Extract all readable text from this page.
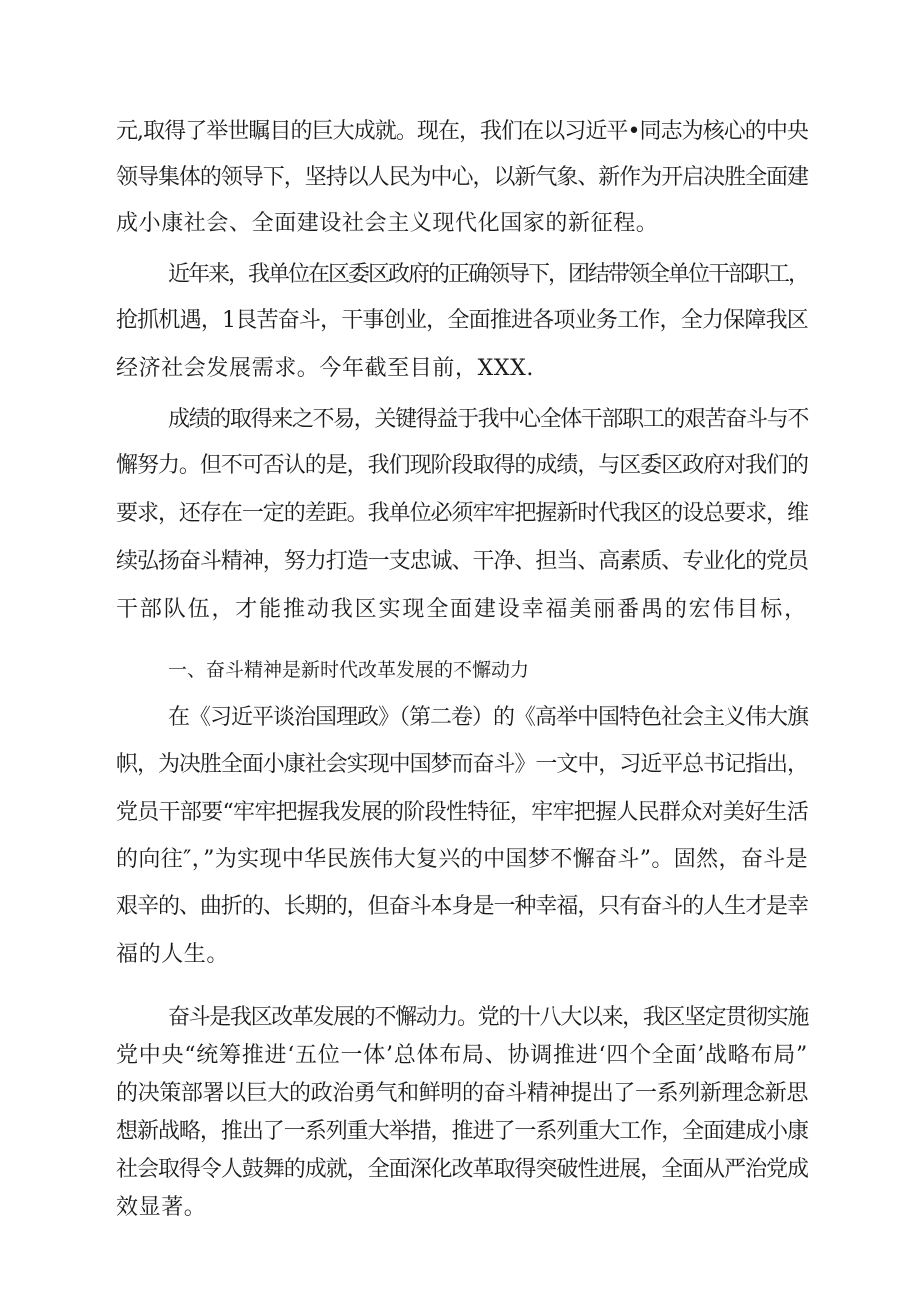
元,取得了举世瞩目的巨大成就。现在，我们在以习近平•同志为核心的中央
领导集体的领导下，坚持以人民为中心，以新气象、新作为开启决胜全面建
成小康社会、全面建设社会主义现代化国家的新征程。
近年来，我单位在区委区政府的正确领导下，团结带领全单位干部职工，
抢抓机遇，1艮苦奋斗，干事创业，全面推进各项业务工作，全力保障我区
经济社会发展需求。今年截至目前，XXX.
成绩的取得来之不易，关键得益于我中心全体干部职工的艰苦奋斗与不
懈努力。但不可否认的是，我们现阶段取得的成绩，与区委区政府对我们的
要求，还存在一定的差距。我单位必须牢牢把握新时代我区的设总要求，维
续弘扬奋斗精神，努力打造一支忠诚、干净、担当、高素质、专业化的党员
干部队伍，才能推动我区实现全面建设幸福美丽番禺的宏伟目标，
一、奋斗精神是新时代改革发展的不懈动力
在《习近平谈治国理政》（第二卷）的《高举中国特色社会主义伟大旗
帜，为决胜全面小康社会实现中国梦而奋斗》一文中，习近平总书记指出，
党员干部要“牢牢把握我发展的阶段性特征，牢牢把握人民群众对美好生活
的向往″，”为实现中华民族伟大复兴的中国梦不懈奋斗”。固然，奋斗是
艰辛的、曲折的、长期的，但奋斗本身是一种幸福，只有奋斗的人生才是幸
福的人生。
奋斗是我区改革发展的不懈动力。党的十八大以来，我区坚定贯彻实施
党中央“统筹推进‘五位一体’总体布局、协调推进‘四个全面’战略布局”
的决策部署以巨大的政治勇气和鲜明的奋斗精神提出了一系列新理念新思
想新战略，推出了一系列重大举措，推进了一系列重大工作，全面建成小康
社会取得令人鼓舞的成就，全面深化改革取得突破性进展，全面从严治党成
效显著。
